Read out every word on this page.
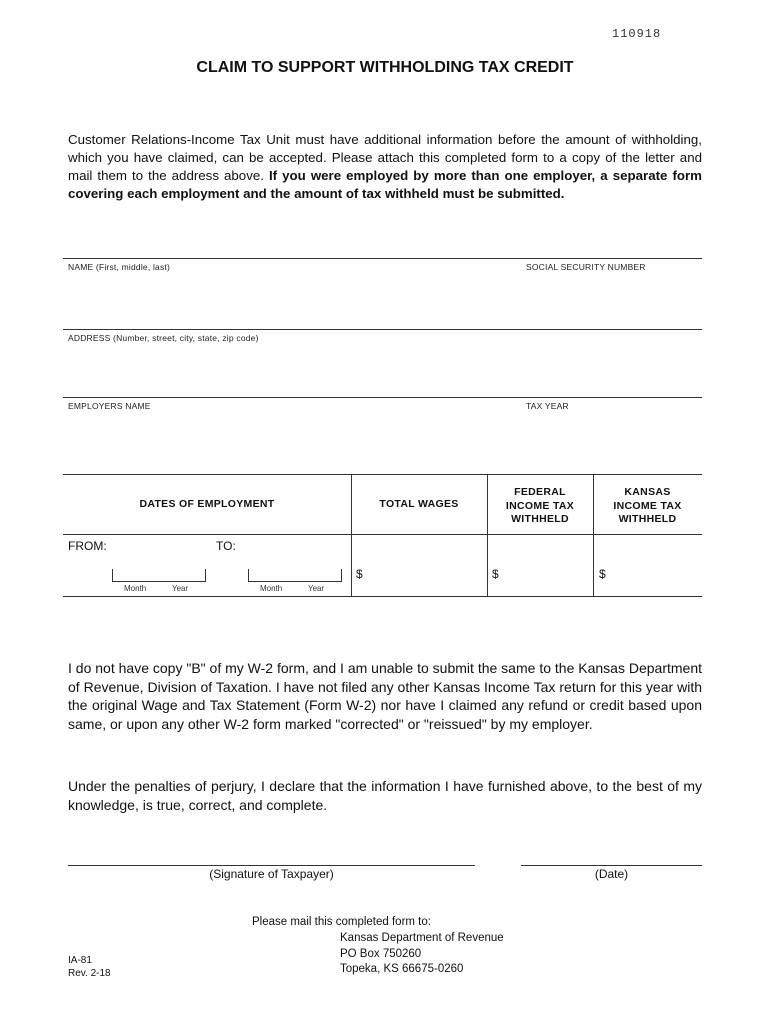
110918
CLAIM TO SUPPORT WITHHOLDING TAX CREDIT
Customer Relations-Income Tax Unit must have additional information before the amount of withholding, which you have claimed, can be accepted. Please attach this completed form to a copy of the letter and mail them to the address above. If you were employed by more than one employer, a separate form covering each employment and the amount of tax withheld must be submitted.
NAME (First, middle, last)	SOCIAL SECURITY NUMBER
ADDRESS (Number, street, city, state, zip code)
EMPLOYERS NAME	TAX YEAR
DATES OF EMPLOYMENT	TOTAL WAGES
FEDERAL
INCOME TAX
WITHHELD
KANSAS
INCOME TAX
WITHHELD
FROM:	TO:
Month	Year	Month	Year
$	$	$
I do not have copy "B" of my W-2 form, and I am unable to submit the same to the Kansas Department of Revenue, Division of Taxation. I have not filed any other Kansas Income Tax return for this year with the original Wage and Tax Statement (Form W-2) nor have I claimed any refund or credit based upon same, or upon any other W-2 form marked "corrected" or "reissued" by my employer.
Under the penalties of perjury, I declare that the information I have furnished above, to the best of my knowledge, is true, correct, and complete.
(Signature of Taxpayer)	(Date)
Please mail this completed form to:
Kansas Department of Revenue
PO Box 750260
Topeka, KS 66675-0260
IA-81
Rev. 2-18
